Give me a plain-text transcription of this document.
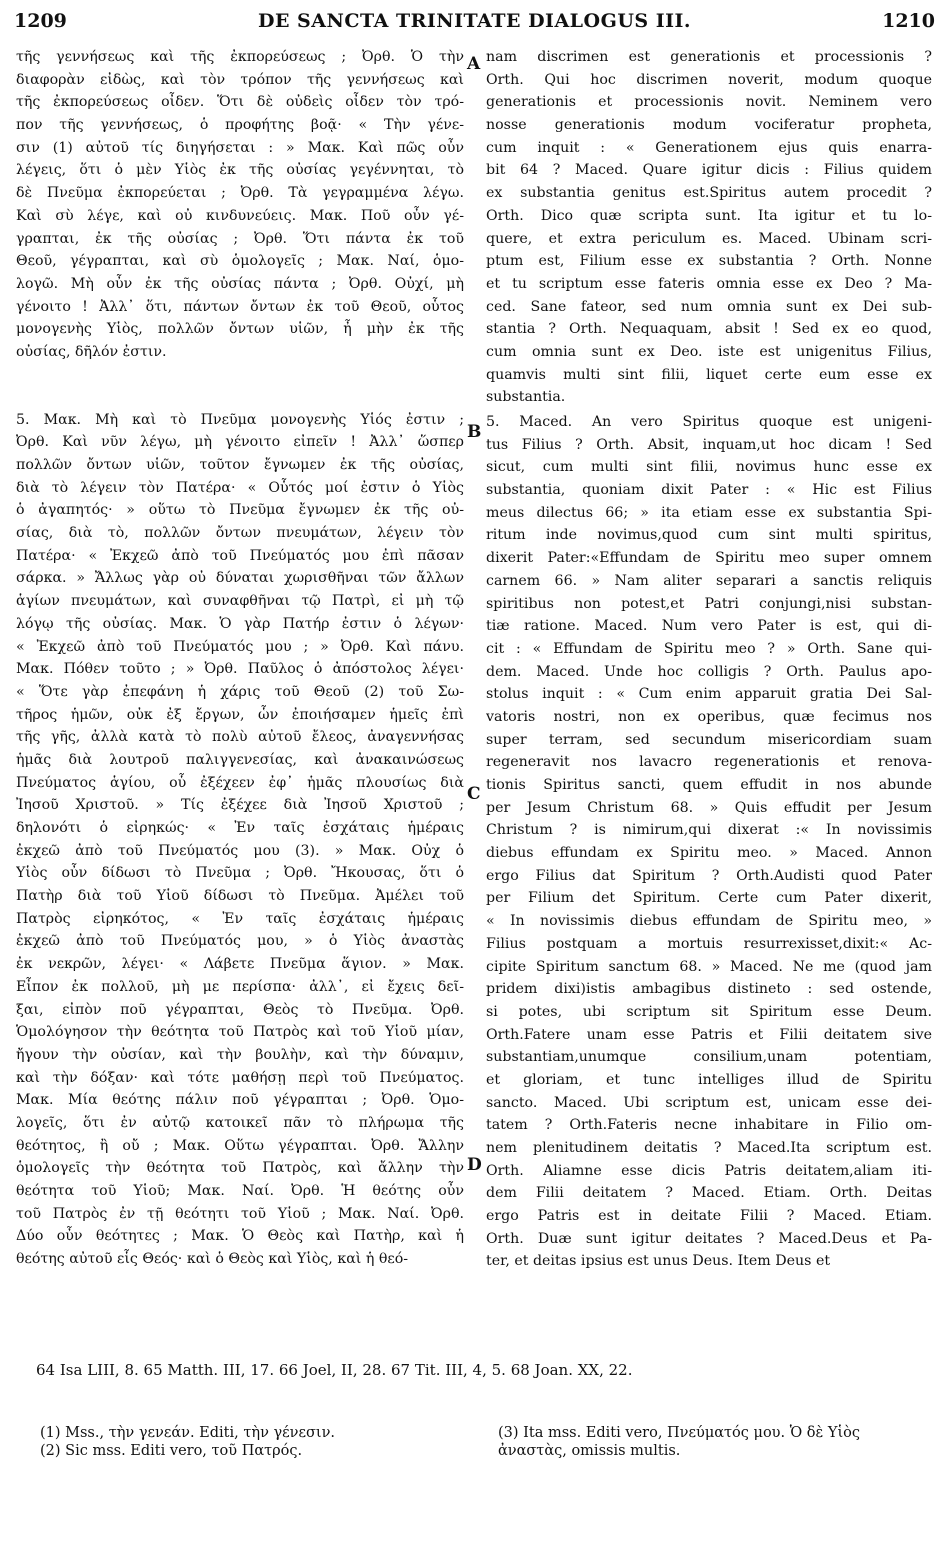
1209	DE SANCTA TRINITATE DIALOGUS III.	1210
τῆς γεννήσεως καὶ τῆς ἐκπορεύσεως ; Ὀρθ. Ὁ τὴν
διαφορὰν εἰδὼς, καὶ τὸν τρόπον τῆς γεννήσεως καὶ
τῆς ἐκπορεύσεως οἶδεν. Ὅτι δὲ οὐδεὶς οἶδεν τὸν τρό-
πον τῆς γεννήσεως, ὁ προφήτης βοᾷ· « Τὴν γένε-
σιν (1) αὐτοῦ τίς διηγήσεται : » Μακ. Καὶ πῶς οὖν
λέγεις, ὅτι ὁ μὲν Υἱὸς ἐκ τῆς οὐσίας γεγέννηται, τὸ
δὲ Πνεῦμα ἐκπορεύεται ; Ὀρθ. Τὰ γεγραμμένα λέγω.
Καὶ σὺ λέγε, καὶ οὐ κινδυνεύεις. Μακ. Ποῦ οὖν γέ-
γραπται, ἐκ τῆς οὐσίας ; Ὀρθ. Ὅτι πάντα ἐκ τοῦ
Θεοῦ, γέγραπται, καὶ σὺ ὁμολογεῖς ; Μακ. Ναί, ὁμο-
λογῶ. Μὴ οὖν ἐκ τῆς οὐσίας πάντα ; Ὀρθ. Οὐχί, μὴ
γένοιτο ! Ἀλλ᾽ ὅτι, πάντων ὄντων ἐκ τοῦ Θεοῦ, οὗτος
μονογενὴς Υἱὸς, πολλῶν ὄντων υἱῶν, ἦ μὴν ἐκ τῆς
οὐσίας, δῆλόν ἐστιν.
5. Μακ. Μὴ καὶ τὸ Πνεῦμα μονογενὴς Υἱός ἐστιν ;
Ὀρθ. Καὶ νῦν λέγω, μὴ γένοιτο εἰπεῖν ! Ἀλλ᾽ ὥσπερ
πολλῶν ὄντων υἱῶν, τοῦτον ἔγνωμεν ἐκ τῆς οὐσίας,
διὰ τὸ λέγειν τὸν Πατέρα· « Οὗτός μοί ἐστιν ὁ Υἱὸς
ὁ ἀγαπητός· » οὕτω τὸ Πνεῦμα ἔγνωμεν ἐκ τῆς οὐ-
σίας, διὰ τὸ, πολλῶν ὄντων πνευμάτων, λέγειν τὸν
Πατέρα· « Ἐκχεῶ ἀπὸ τοῦ Πνεύματός μου ἐπὶ πᾶσαν
σάρκα. » Ἄλλως γὰρ οὐ δύναται χωρισθῆναι τῶν ἄλλων
ἁγίων πνευμάτων, καὶ συναφθῆναι τῷ Πατρὶ, εἰ μὴ τῷ
λόγῳ τῆς οὐσίας. Μακ. Ὁ γὰρ Πατήρ ἐστιν ὁ λέγων·
« Ἐκχεῶ ἀπὸ τοῦ Πνεύματός μου ; » Ὀρθ. Καὶ πάνυ.
Μακ. Πόθεν τοῦτο ; » Ὀρθ. Παῦλος ὁ ἀπόστολος λέγει·
« Ὅτε γὰρ ἐπεφάνη ἡ χάρις τοῦ Θεοῦ (2) τοῦ Σω-
τῆρος ἡμῶν, οὐκ ἐξ ἔργων, ὧν ἐποιήσαμεν ἡμεῖς ἐπὶ
τῆς γῆς, ἀλλὰ κατὰ τὸ πολὺ αὐτοῦ ἔλεος, ἀναγεννήσας
ἡμᾶς διὰ λουτροῦ παλιγγενεσίας, καὶ ἀνακαινώσεως
Πνεύματος ἁγίου, οὗ ἐξέχεεν ἐφ᾽ ἡμᾶς πλουσίως διὰ
Ἰησοῦ Χριστοῦ. » Τίς ἐξέχεε διὰ Ἰησοῦ Χριστοῦ ;
δηλονότι ὁ εἰρηκώς· « Ἐν ταῖς ἐσχάταις ἡμέραις
ἐκχεῶ ἀπὸ τοῦ Πνεύματός μου (3). » Μακ. Οὐχ ὁ
Υἱὸς οὖν δίδωσι τὸ Πνεῦμα ; Ὀρθ. Ἤκουσας, ὅτι ὁ
Πατὴρ διὰ τοῦ Υἱοῦ δίδωσι τὸ Πνεῦμα. Ἀμέλει τοῦ
Πατρὸς εἰρηκότος, « Ἐν ταῖς ἐσχάταις ἡμέραις
ἐκχεῶ ἀπὸ τοῦ Πνεύματός μου, » ὁ Υἱὸς ἀναστὰς
ἐκ νεκρῶν, λέγει· « Λάβετε Πνεῦμα ἅγιον. » Μακ.
Εἶπον ἐκ πολλοῦ, μὴ με περίσπα· ἀλλ᾽, εἰ ἔχεις δεῖ-
ξαι, εἰπὸν ποῦ γέγραπται, Θεὸς τὸ Πνεῦμα. Ὀρθ.
Ὁμολόγησον τὴν θεότητα τοῦ Πατρὸς καὶ τοῦ Υἱοῦ μίαν,
ἤγουν τὴν οὐσίαν, καὶ τὴν βουλὴν, καὶ τὴν δύναμιν,
καὶ τὴν δόξαν· καὶ τότε μαθήσῃ περὶ τοῦ Πνεύματος.
Μακ. Μία θεότης πάλιν ποῦ γέγραπται ; Ὀρθ. Ὁμο-
λογεῖς, ὅτι ἐν αὐτῷ κατοικεῖ πᾶν τὸ πλήρωμα τῆς
θεότητος, ἢ οὔ ; Μακ. Οὕτω γέγραπται. Ὀρθ. Ἄλλην
ὁμολογεῖς τὴν θεότητα τοῦ Πατρὸς, καὶ ἄλλην τὴν
θεότητα τοῦ Υἱοῦ; Μακ. Ναί. Ὀρθ. Ἡ θεότης οὖν
τοῦ Πατρὸς ἐν τῇ θεότητι τοῦ Υἱοῦ ; Μακ. Ναί. Ὀρθ.
Δύο οὖν θεότητες ; Μακ. Ὁ Θεὸς καὶ Πατὴρ, καὶ ἡ
θεότης αὐτοῦ εἷς Θεός· καὶ ὁ Θεὸς καὶ Υἱὸς, καὶ ἡ θεό-
A
B
C
D
nam discrimen est generationis et processionis ?
Orth. Qui hoc discrimen noverit, modum quoque
generationis et processionis novit. Neminem vero
nosse generationis modum vociferatur propheta,
cum inquit : « Generationem ejus quis enarra-
bit 64 ? Maced. Quare igitur dicis : Filius quidem
ex substantia genitus est.Spiritus autem procedit ?
Orth. Dico quæ scripta sunt. Ita igitur et tu lo-
quere, et extra periculum es. Maced. Ubinam scri-
ptum est, Filium esse ex substantia ? Orth. Nonne
et tu scriptum esse fateris omnia esse ex Deo ? Ma-
ced. Sane fateor, sed num omnia sunt ex Dei sub-
stantia ? Orth. Nequaquam, absit ! Sed ex eo quod,
cum omnia sunt ex Deo. iste est unigenitus Filius,
quamvis multi sint filii, liquet certe eum esse ex
substantia.
5. Maced. An vero Spiritus quoque est unigeni-
tus Filius ? Orth. Absit, inquam,ut hoc dicam ! Sed
sicut, cum multi sint filii, novimus hunc esse ex
substantia, quoniam dixit Pater : « Hic est Filius
meus dilectus 66; » ita etiam esse ex substantia Spi-
ritum inde novimus,quod cum sint multi spiritus,
dixerit Pater:«Effundam de Spiritu meo super omnem
carnem 66. » Nam aliter separari a sanctis reliquis
spiritibus non potest,et Patri conjungi,nisi substan-
tiæ ratione. Maced. Num vero Pater is est, qui di-
cit : « Effundam de Spiritu meo ? » Orth. Sane qui-
dem. Maced. Unde hoc colligis ? Orth. Paulus apo-
stolus inquit : « Cum enim apparuit gratia Dei Sal-
vatoris nostri, non ex operibus, quæ fecimus nos
super terram, sed secundum misericordiam suam
regeneravit nos lavacro regenerationis et renova-
tionis Spiritus sancti, quem effudit in nos abunde
per Jesum Christum 68. » Quis effudit per Jesum
Christum ? is nimirum,qui dixerat :« In novissimis
diebus effundam ex Spiritu meo. » Maced. Annon
ergo Filius dat Spiritum ? Orth.Audisti quod Pater
per Filium det Spiritum. Certe cum Pater dixerit,
« In novissimis diebus effundam de Spiritu meo, »
Filius postquam a mortuis resurrexisset,dixit:« Ac-
cipite Spiritum sanctum 68. » Maced. Ne me (quod jam
pridem dixi)istis ambagibus distineto : sed ostende,
si potes, ubi scriptum sit Spiritum esse Deum.
Orth.Fatere unam esse Patris et Filii deitatem sive
substantiam,unumque consilium,unam potentiam,
et gloriam, et tunc intelliges illud de Spiritu
sancto. Maced. Ubi scriptum est, unicam esse dei-
tatem ? Orth.Fateris necne inhabitare in Filio om-
nem plenitudinem deitatis ? Maced.Ita scriptum est.
Orth. Aliamne esse dicis Patris deitatem,aliam iti-
dem Filii deitatem ? Maced. Etiam. Orth. Deitas
ergo Patris est in deitate Filii ? Maced. Etiam.
Orth. Duæ sunt igitur deitates ? Maced.Deus et Pa-
ter, et deitas ipsius est unus Deus. Item Deus et
64 Isa LIII, 8. 65 Matth. III, 17. 66 Joel, II, 28. 67 Tit. III, 4, 5. 68 Joan. XX, 22.
(1) Mss., τὴν γενεάν. Editi, τὴν γένεσιν.
(2) Sic mss. Editi vero, τοῦ Πατρός.
(3) Ita mss. Editi vero, Πνεύματός μου. Ὁ δὲ Υἱὸς
ἀναστὰς, omissis multis.
